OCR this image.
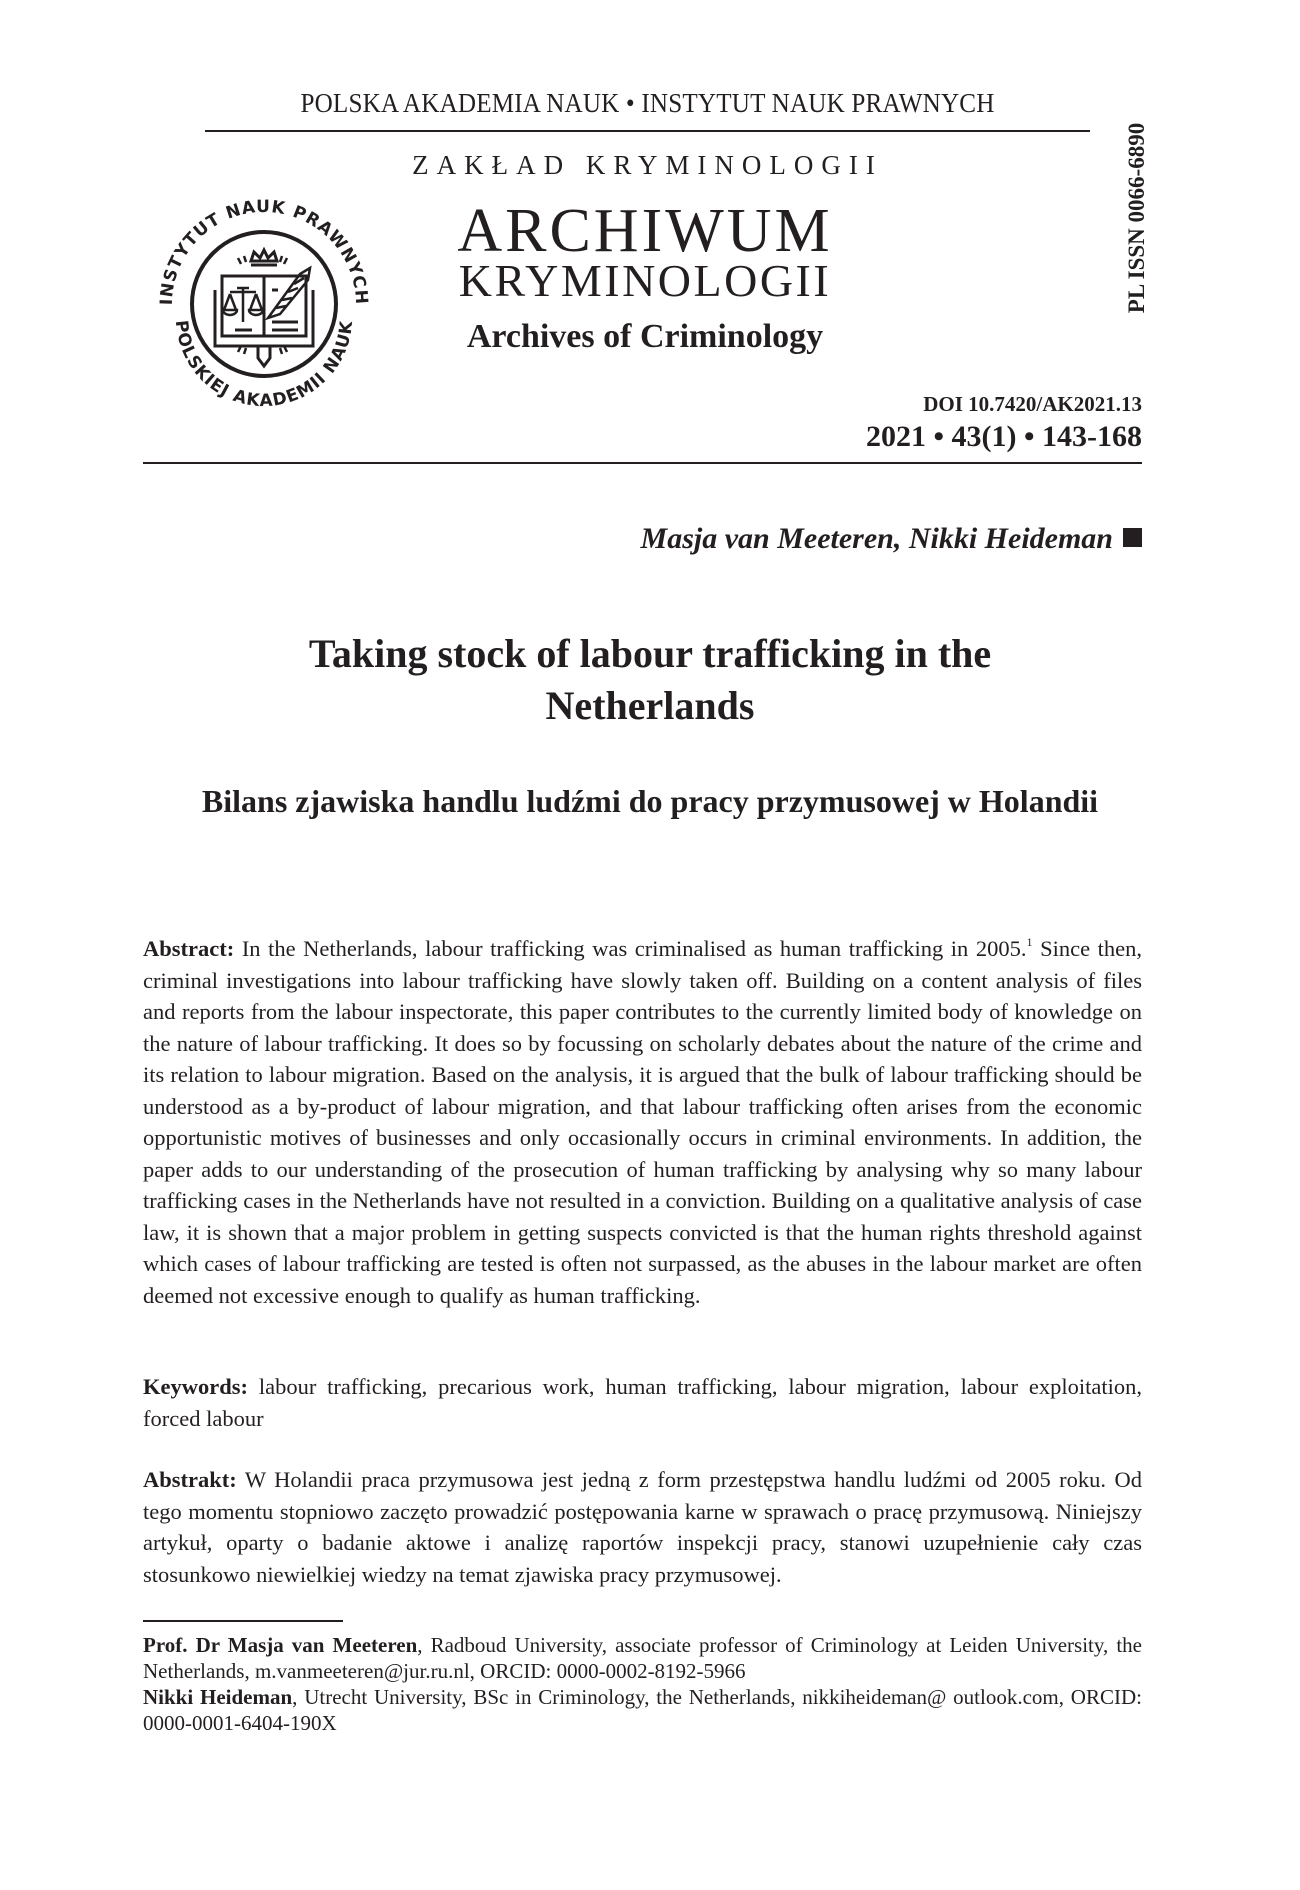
POLSKA AKADEMIA NAUK • INSTYTUT NAUK PRAWNYCH
ZAKŁAD KRYMINOLOGII
INSTYTUT NAUK PRAWNYCH
POLSKIEJ AKADEMII NAUK
ARCHIWUM
KRYMINOLOGII
Archives of Criminology
PL ISSN 0066-6890
DOI 10.7420/AK2021.13
2021 • 43(1) • 143-168
Masja van Meeteren, Nikki Heideman
Taking stock of labour trafficking in the Netherlands
Bilans zjawiska handlu ludźmi do pracy przymusowej w Holandii
Abstract: In the Netherlands, labour trafficking was criminalised as human trafficking in 2005.$^1$ Since then, criminal investigations into labour trafficking have slowly taken off. Building on a content analysis of files and reports from the labour inspectorate, this paper contributes to the currently limited body of knowledge on the nature of labour trafficking. It does so by focussing on scholarly debates about the nature of the crime and its relation to labour migration. Based on the analysis, it is argued that the bulk of labour trafficking should be understood as a by-product of labour migration, and that labour trafficking often arises from the economic opportunistic motives of businesses and only occasionally occurs in criminal environments. In addition, the paper adds to our understanding of the prosecution of human trafficking by analysing why so many labour trafficking cases in the Netherlands have not resulted in a conviction. Building on a qualitative analysis of case law, it is shown that a major problem in getting suspects convicted is that the human rights threshold against which cases of labour trafficking are tested is often not surpassed, as the abuses in the labour market are often deemed not excessive enough to qualify as human trafficking.
Keywords: labour trafficking, precarious work, human trafficking, labour migration, labour exploitation, forced labour
Abstrakt: W Holandii praca przymusowa jest jedną z form przestępstwa handlu ludźmi od 2005 roku. Od tego momentu stopniowo zaczęto prowadzić postępowania karne w sprawach o pracę przymusową. Niniejszy artykuł, oparty o badanie aktowe i analizę raportów inspekcji pracy, stanowi uzupełnienie cały czas stosunkowo niewielkiej wiedzy na temat zjawiska pracy przymusowej.

Prof. Dr Masja van Meeteren, Radboud University, associate professor of Criminology at Leiden University, the Netherlands, m.vanmeeteren@jur.ru.nl, ORCID: 0000-0002-8192-5966

Nikki Heideman, Utrecht University, BSc in Criminology, the Netherlands, nikkiheideman@ outlook.com, ORCID: 0000-0001-6404-190X
